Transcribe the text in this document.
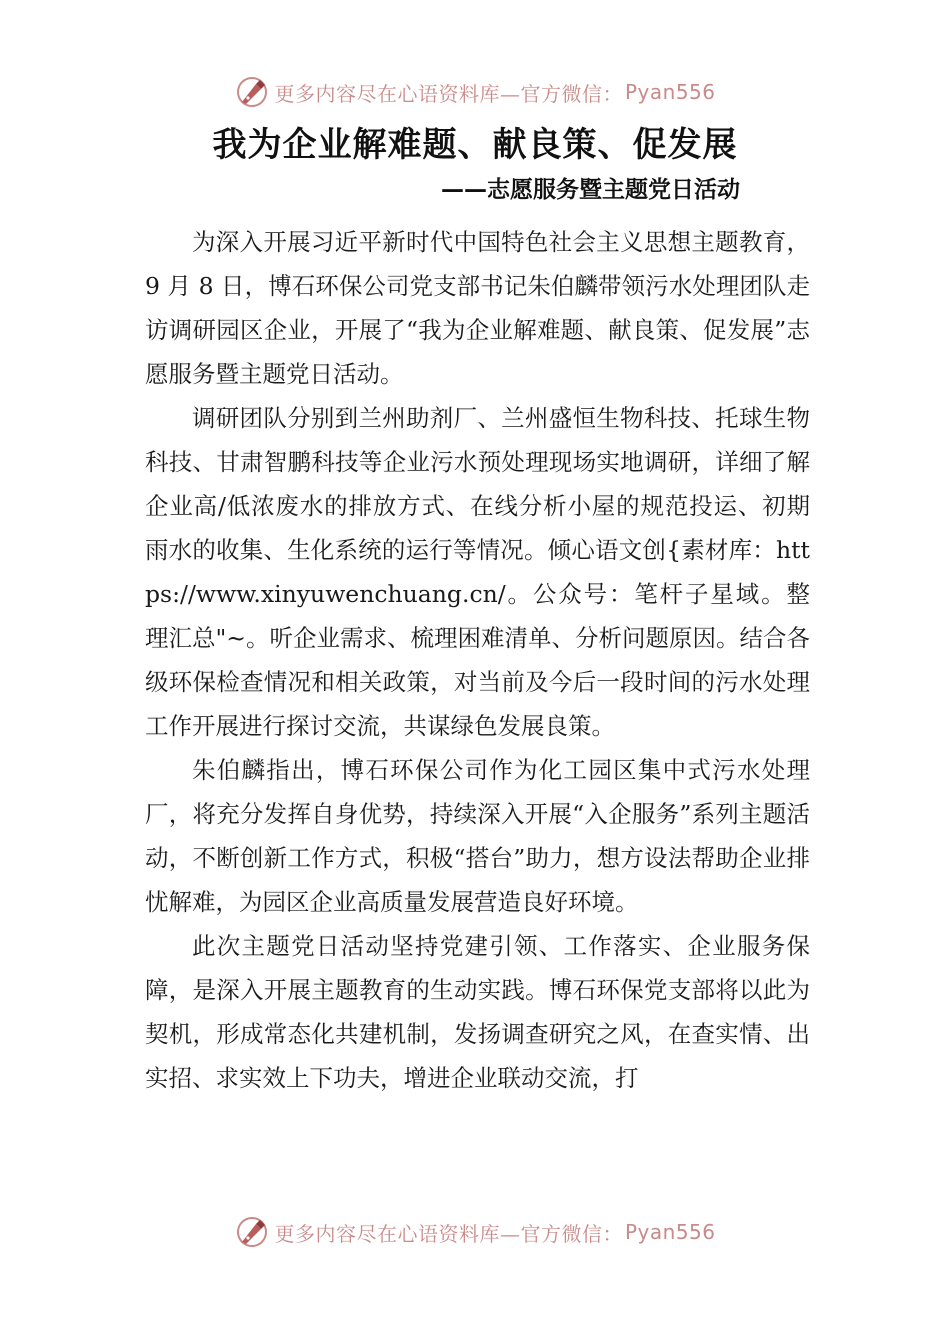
更多内容尽在心语资料库—官方微信： Pyan556
我为企业解难题、献良策、促发展
——志愿服务暨主题党日活动

为深入开展习近平新时代中国特色社会主义思想主题教育，9 月 8 日，博石环保公司党支部书记朱伯麟带领污水处理团队走访调研园区企业，开展了“我为企业解难题、献良策、促发展”志愿服务暨主题党日活动。

调研团队分别到兰州助剂厂、兰州盛恒生物科技、托球生物科技、甘肃智鹏科技等企业污水预处理现场实地调研，详细了解企业高/低浓废水的排放方式、在线分析小屋的规范投运、初期雨水的收集、生化系统的运行等情况。倾心语文创{素材库：https://www.xinyuwenchuang.cn/。公众号：笔杆子星域。整理汇总"~。听企业需求、梳理困难清单、分析问题原因。结合各级环保检查情况和相关政策，对当前及今后一段时间的污水处理工作开展进行探讨交流，共谋绿色发展良策。

朱伯麟指出，博石环保公司作为化工园区集中式污水处理厂，将充分发挥自身优势，持续深入开展“入企服务”系列主题活动，不断创新工作方式，积极“搭台”助力，想方设法帮助企业排忧解难，为园区企业高质量发展营造良好环境。

此次主题党日活动坚持党建引领、工作落实、企业服务保障，是深入开展主题教育的生动实践。博石环保党支部将以此为契机，形成常态化共建机制，发扬调查研究之风，在查实情、出实招、求实效上下功夫，增进企业联动交流，打

更多内容尽在心语资料库—官方微信： Pyan556
